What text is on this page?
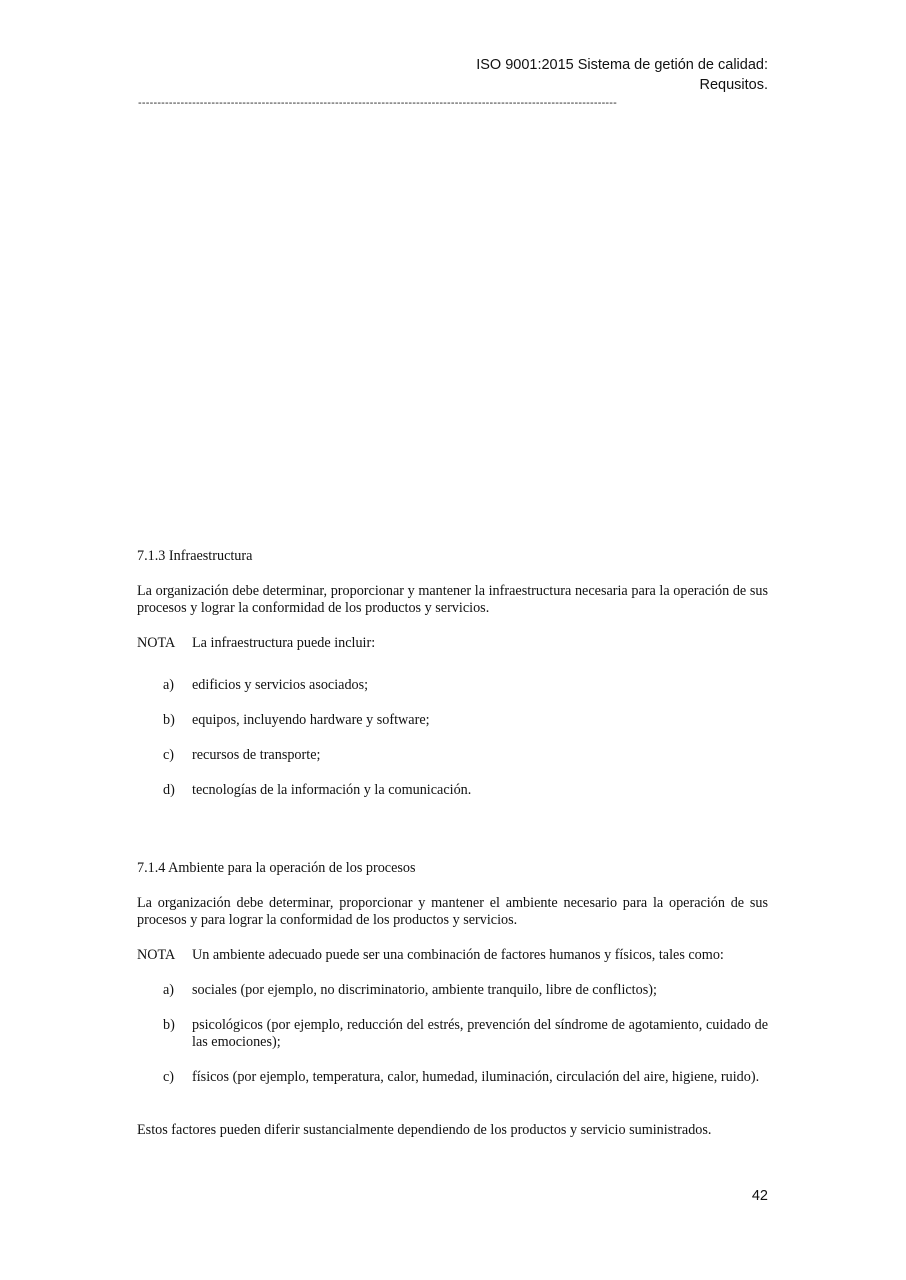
ISO 9001:2015 Sistema de getión de calidad:
Requsitos.
----------------------------------------------------------------------------------------------------------------------------
7.1.3 Infraestructura
La organización debe determinar, proporcionar y mantener la infraestructura necesaria para la operación de sus procesos y lograr la conformidad de los productos y servicios.
NOTA La infraestructura puede incluir:
a) edificios y servicios asociados;
b) equipos, incluyendo hardware y software;
c) recursos de transporte;
d) tecnologías de la información y la comunicación.
7.1.4 Ambiente para la operación de los procesos
La organización debe determinar, proporcionar y mantener el ambiente necesario para la operación de sus procesos y para lograr la conformidad de los productos y servicios.
NOTA Un ambiente adecuado puede ser una combinación de factores humanos y físicos, tales como:
a) sociales (por ejemplo, no discriminatorio, ambiente tranquilo, libre de conflictos);
b) psicológicos (por ejemplo, reducción del estrés, prevención del síndrome de agotamiento, cuidado de las emociones);
c) físicos (por ejemplo, temperatura, calor, humedad, iluminación, circulación del aire, higiene, ruido).
Estos factores pueden diferir sustancialmente dependiendo de los productos y servicio suministrados.
42
